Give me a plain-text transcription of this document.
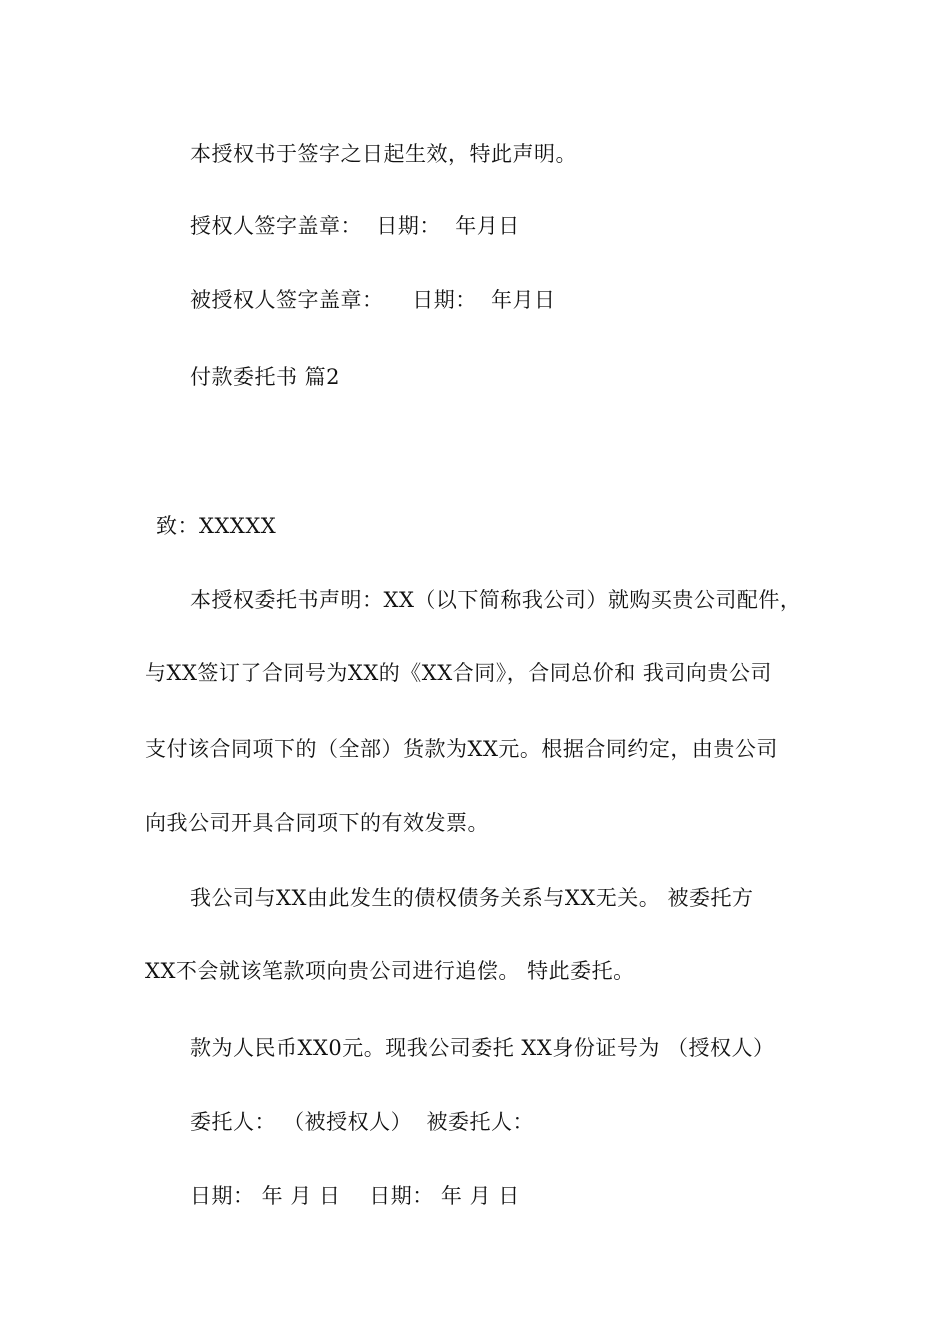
本授权书于签字之日起生效，特此声明。
授权人签字盖章：  日期：  年月日
被授权人签字盖章：    日期：  年月日
付款委托书 篇2
致：XXXXX
本授权委托书声明：XX（以下简称我公司）就购买贵公司配件，
与XX签订了合同号为XX的《XX合同》，合同总价和 我司向贵公司
支付该合同项下的（全部）货款为XX元。根据合同约定，由贵公司
向我公司开具合同项下的有效发票。
我公司与XX由此发生的债权债务关系与XX无关。 被委托方
XX不会就该笔款项向贵公司进行追偿。 特此委托。
款为人民币XX0元。现我公司委托 XX身份证号为 （授权人）
委托人： （被授权人）  被委托人：
日期： 年 月 日    日期： 年 月 日
